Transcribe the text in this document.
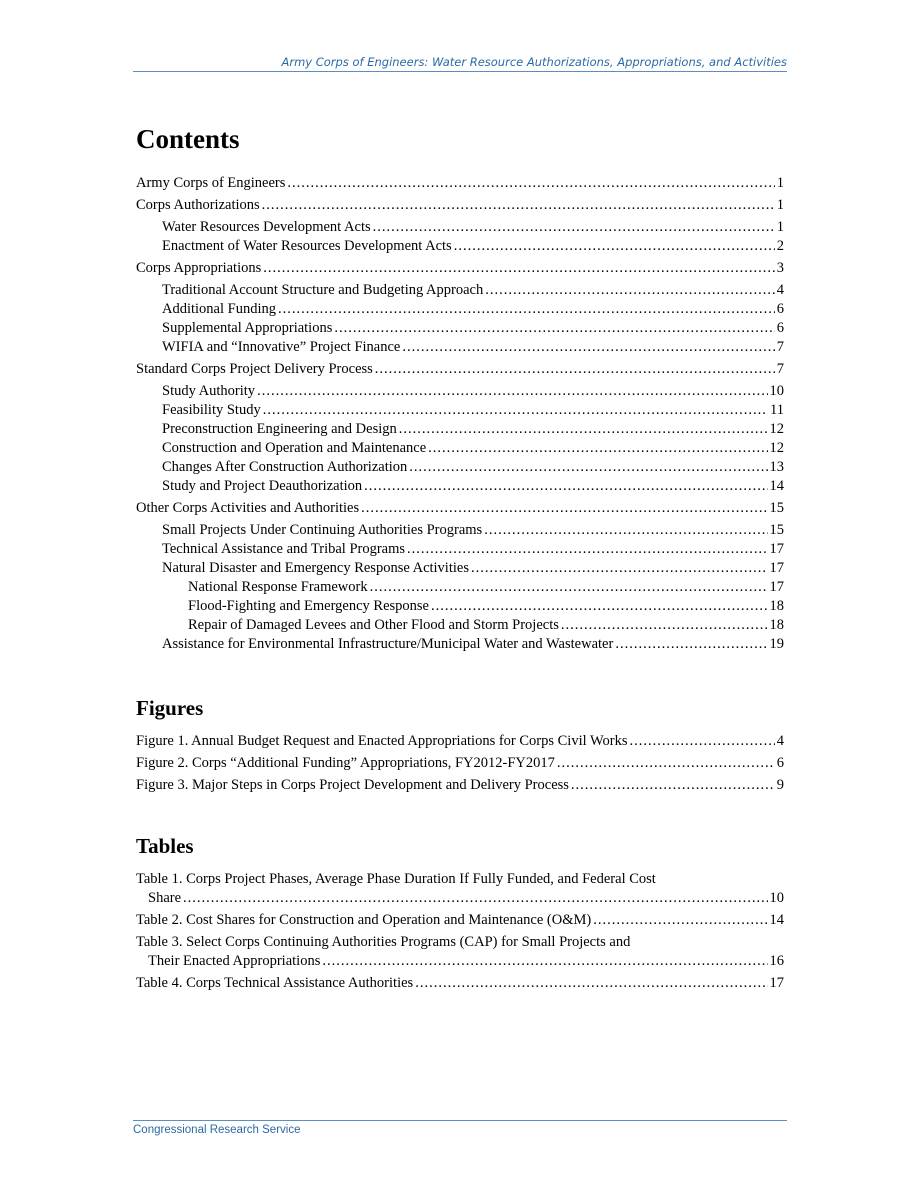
Army Corps of Engineers: Water Resource Authorizations, Appropriations, and Activities
Contents
Army Corps of Engineers .....	1
Corps Authorizations .....	1
Water Resources Development Acts .....	1
Enactment of Water Resources Development Acts .....	2
Corps Appropriations .....	3
Traditional Account Structure and Budgeting Approach .....	4
Additional Funding .....	6
Supplemental Appropriations .....	6
WIFIA and “Innovative” Project Finance .....	7
Standard Corps Project Delivery Process .....	7
Study Authority .....	10
Feasibility Study .....	11
Preconstruction Engineering and Design .....	12
Construction and Operation and Maintenance .....	12
Changes After Construction Authorization .....	13
Study and Project Deauthorization .....	14
Other Corps Activities and Authorities .....	15
Small Projects Under Continuing Authorities Programs .....	15
Technical Assistance and Tribal Programs .....	17
Natural Disaster and Emergency Response Activities .....	17
National Response Framework .....	17
Flood-Fighting and Emergency Response .....	18
Repair of Damaged Levees and Other Flood and Storm Projects .....	18
Assistance for Environmental Infrastructure/Municipal Water and Wastewater .....	19
Figures
Figure 1. Annual Budget Request and Enacted Appropriations for Corps Civil Works .....	4
Figure 2. Corps “Additional Funding” Appropriations, FY2012-FY2017 .....	6
Figure 3. Major Steps in Corps Project Development and Delivery Process .....	9
Tables
Table 1. Corps Project Phases, Average Phase Duration If Fully Funded, and Federal Cost
Share .....	10
Table 2. Cost Shares for Construction and Operation and Maintenance (O&M) .....	14
Table 3. Select Corps Continuing Authorities Programs (CAP) for Small Projects and
Their Enacted Appropriations .....	16
Table 4. Corps Technical Assistance Authorities .....	17
Congressional Research Service
